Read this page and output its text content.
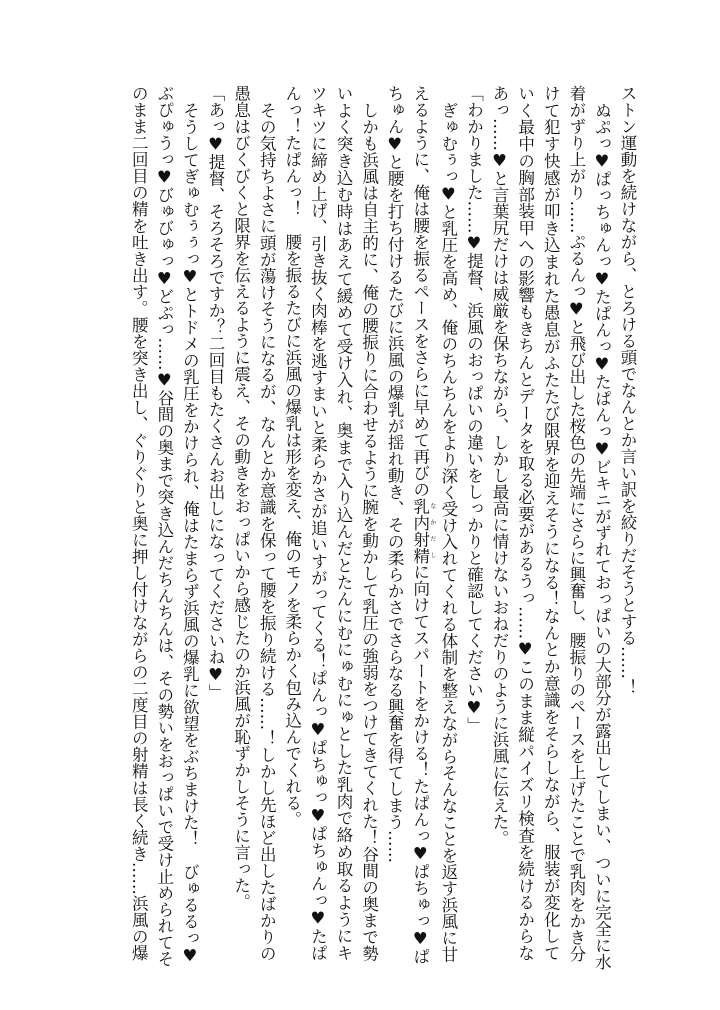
ストン運動を続けながら、とろける頭でなんとか言い訳を絞りだそうとする……！
ぬぷっ♥ぱっちゅんっ♥たぱんっ♥たぱんっ♥ビキニがずれておっぱいの大部分が露出してしまい、ついに完全に水
着がずり上がり……ぷるんっ♥と飛び出した桜色の先端にさらに興奮し、腰振りのペースを上げたことで乳肉をかき分
けて犯す快感が叩き込まれた愚息がふたたび限界を迎えそうになる！なんとか意識をそらしながら、服装が変化して
いく最中の胸部装甲への影響もきちんとデータを取る必要があるうっ……♥このまま縦パイズリ検査を続けるからな
あっ……♥と言葉尻だけは威厳を保ちながら、しかし最高に情けないおねだりのように浜風に伝えた。
「わかりました……♥提督、浜風のおっぱいの違いをしっかりと確認してください♥」
ぎゅむぅっ♥と乳圧を高め、俺のちんちんをより深く受け入れてくれる体制を整えながらそんなことを返す浜風に甘
えるように、俺は腰を振るペースをさらに早めて再びの乳内射精 なかだしに向けてスパートをかける！たぱんっ♥ぱちゅっ♥ぱ
ちゅん♥と腰を打ち付けるたびに浜風の爆乳が揺れ動き、その柔らかさでさらなる興奮を得てしまう……
しかも浜風は自主的に、俺の腰振りに合わせるように腕を動かして乳圧の強弱をつけてきてくれた！谷間の奥まで勢
いよく突き込む時はあえて緩めて受け入れ、奥まで入り込んだとたんにむにゅむにゅとした乳肉で絡め取るようにキ
ツキツに締め上げ、引き抜く肉棒を逃すまいと柔らかさが追いすがってくる！ぱんっ♥ぱちゅっ♥ぱちゅんっ♥たぱ
んっ！たぱんっ！　腰を振るたびに浜風の爆乳は形を変え、俺のモノを柔らかく包み込んでくれる。
その気持ちよさに頭が蕩けそうになるが、なんとか意識を保って腰を振り続ける……！しかし先ほど出したばかりの
愚息はびくびくと限界を伝えるように震え、その動きをおっぱいから感じたのか浜風が恥ずかしそうに言った。
「あっ♥提督、そろそろですか？二回目もたくさんお出しになってくださいね♥」
そうしてぎゅむぅぅっ♥とトドメの乳圧をかけられ、俺はたまらず浜風の爆乳に欲望をぶちまけた！　びゅるるっ♥
ぶぴゅうっ♥びゅびゅっ♥どぷっ……♥谷間の奥まで突き込んだちんちんは、その勢いをおっぱいで受け止められてそ
のまま二回目の精を吐き出す。腰を突き出し、ぐりぐりと奥に押し付けながらの二度目の射精は長く続き……浜風の爆
